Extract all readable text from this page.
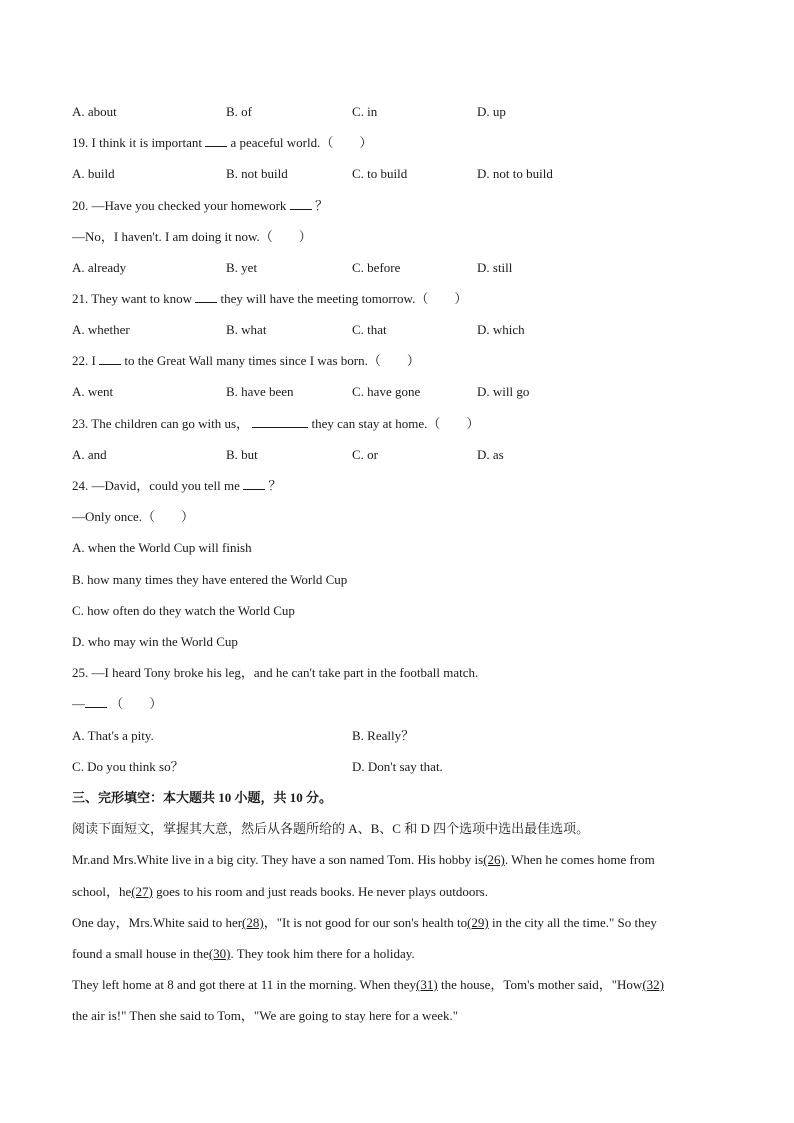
A. about	B. of	C. in	D. up
19. I think it is important a peaceful world.（　　）
A. build	B. not build	C. to build	D. not to build
20. —Have you checked your homework ？
—No，I haven't. I am doing it now.（　　）
A. already	B. yet	C. before	D. still
21. They want to know they will have the meeting tomorrow.（　　）
A. whether	B. what	C. that	D. which
22. I to the Great Wall many times since I was born.（　　）
A. went	B. have been	C. have gone	D. will go
23. The children can go with us，	they can stay at home.（　　）
A. and	B. but	C. or	D. as
24. —David，could you tell me ？
—Only once.（　　）
A. when the World Cup will finish
B. how many times they have entered the World Cup
C. how often do they watch the World Cup
D. who may win the World Cup
25. —I heard Tony broke his leg，and he can't take part in the football match.
— （　　）
A. That's a pity.	B. Really？
C. Do you think so？	D. Don't say that.
三、完形填空：本大题共 10 小题，共 10 分。
阅读下面短文，掌握其大意，然后从各题所给的 A、B、C 和 D 四个选项中选出最佳选项。
Mr.and Mrs.White live in a big city. They have a son named Tom. His hobby is(26). When he comes home from
school，he(27) goes to his room and just reads books. He never plays outdoors.
One day，Mrs.White said to her(28)，"It is not good for our son's health to(29) in the city all the time." So they
found a small house in the(30). They took him there for a holiday.
They left home at 8 and got there at 11 in the morning. When they(31) the house，Tom's mother said，"How(32)
the air is!" Then she said to Tom，"We are going to stay here for a week."
